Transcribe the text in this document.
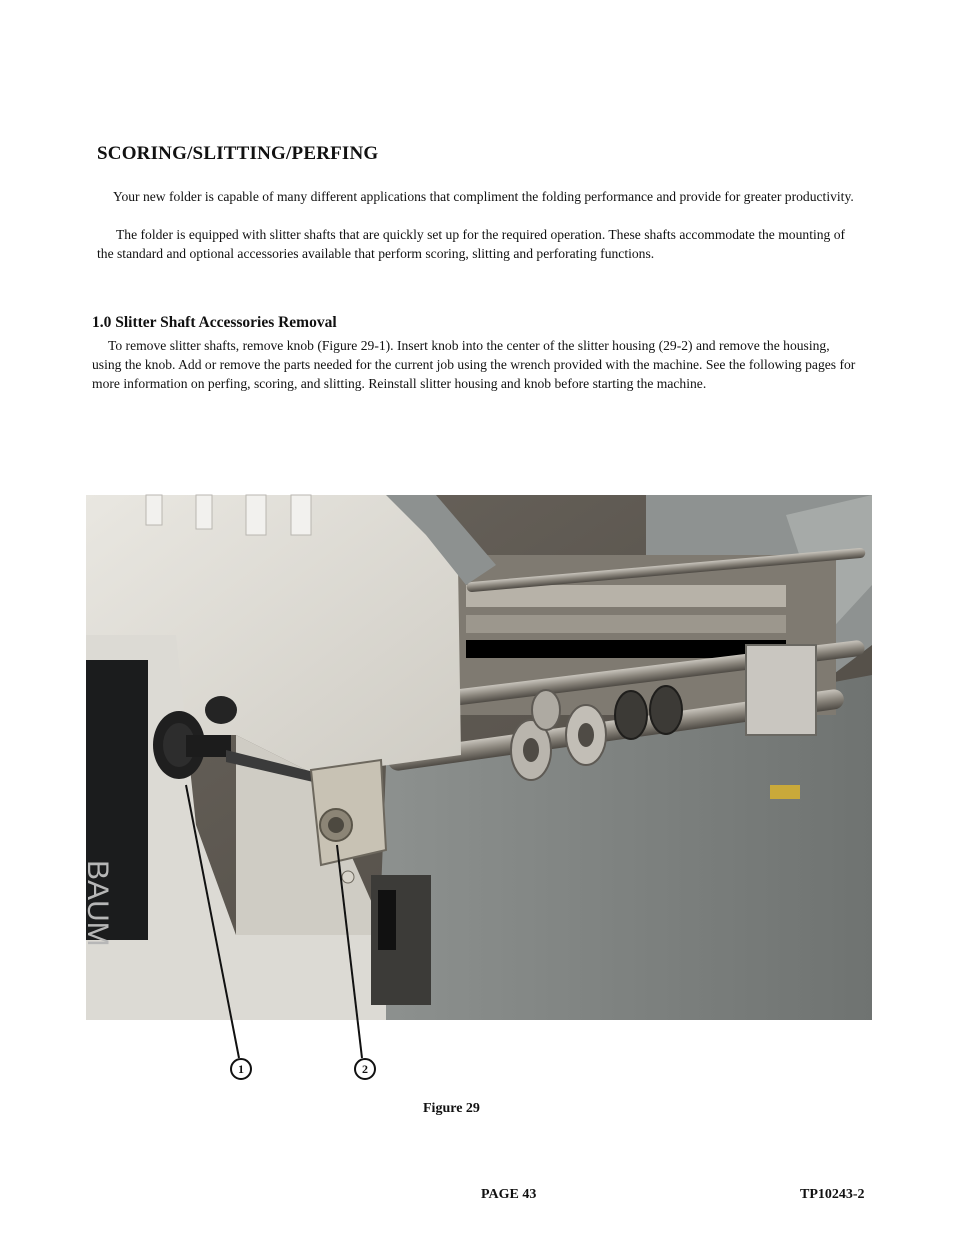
SCORING/SLITTING/PERFING
Your new folder is capable of many different applications that compliment the folding performance and provide for greater productivity.
The folder is equipped with slitter shafts that are quickly set up for the required operation. These shafts accommodate the mounting of the standard and optional accessories available that perform scoring, slitting and perforating functions.
1.0 Slitter Shaft Accessories Removal
To remove slitter shafts, remove knob (Figure 29-1). Insert knob into the center of the slitter housing (29-2) and remove the housing, using the knob. Add or remove the parts needed for the current job using the wrench provided with the machine. See the following pages for more information on perfing, scoring, and slitting. Reinstall slitter housing and knob before starting the machine.
BAUM
1	2
Figure 29
PAGE 43	TP10243-2
